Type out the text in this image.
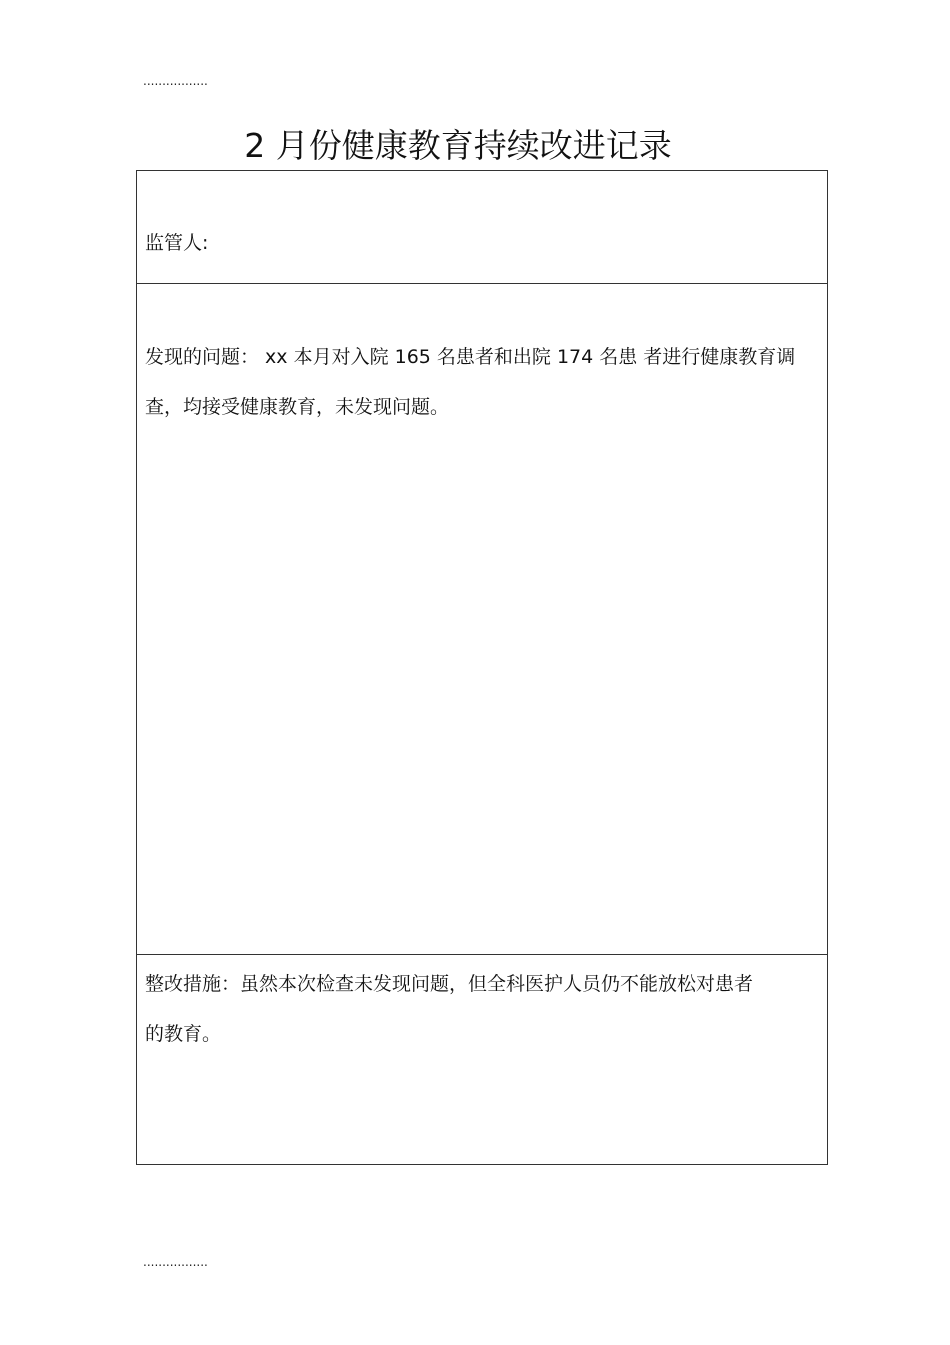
.................
2 月份健康教育持续改进记录
监管人:
发现的问题： xx 本月对入院 165 名患者和出院 174 名患 者进行健康教育调查，均接受健康教育，未发现问题。
整改措施：虽然本次检查未发现问题，但全科医护人员仍不能放松对患者的教育。
.................
